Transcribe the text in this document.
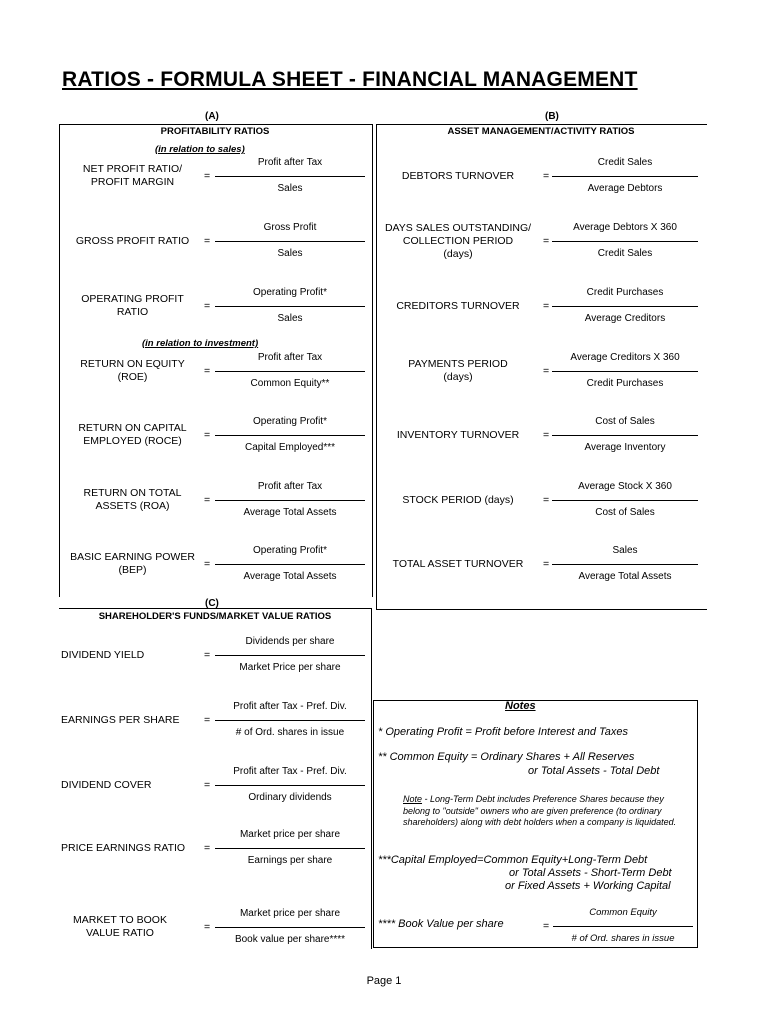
RATIOS - FORMULA SHEET - FINANCIAL MANAGEMENT
(A)	(B)
(C)
PROFITABILITY RATIOS	ASSET MANAGEMENT/ACTIVITY RATIOS
SHAREHOLDER'S FUNDS/MARKET VALUE RATIOS
(in relation to sales)
(in relation to investment)
NET PROFIT RATIO/
PROFIT MARGIN	=
Profit after Tax
Sales
GROSS PROFIT RATIO	=
Gross Profit
Sales
OPERATING PROFIT
RATIO	=
Operating Profit*
Sales
RETURN ON EQUITY
(ROE)	=
Profit after Tax
Common Equity**
RETURN ON CAPITAL
EMPLOYED (ROCE)	=
Operating Profit*
Capital Employed***
RETURN ON TOTAL
ASSETS (ROA)	=
Profit after Tax
Average Total Assets
BASIC EARNING POWER
(BEP)	=
Operating Profit*
Average Total Assets
DEBTORS TURNOVER	=
Credit Sales
Average Debtors
DAYS SALES OUTSTANDING/
COLLECTION PERIOD
(days)
=
Average Debtors X 360
Credit Sales
CREDITORS TURNOVER	=
Credit Purchases
Average Creditors
PAYMENTS PERIOD
(days)	=
Average Creditors X 360
Credit Purchases
INVENTORY TURNOVER	=
Cost of Sales
Average Inventory
STOCK PERIOD (days)	=
Average Stock X 360
Cost of Sales
TOTAL ASSET TURNOVER	=
Sales
Average Total Assets
DIVIDEND YIELD	=
Dividends per share
Market Price per share
EARNINGS PER SHARE	=
Profit after Tax - Pref. Div.
# of Ord. shares in issue
DIVIDEND COVER	=
Profit after Tax - Pref. Div.
Ordinary dividends
PRICE EARNINGS RATIO	=
Market price per share
Earnings per share
MARKET TO BOOK
VALUE RATIO	=
Market price per share
Book value per share****
Notes
* Operating Profit = Profit before Interest and Taxes
** Common Equity = Ordinary Shares + All Reserves
or Total Assets - Total Debt
Note - Long-Term Debt includes Preference Shares because they belong to "outside" owners who are given preference (to ordinary shareholders) along with debt holders when a company is liquidated.
***Capital Employed=Common Equity+Long-Term Debt
or Total Assets - Short-Term Debt
or Fixed Assets + Working Capital
**** Book Value per share	=
Common Equity
# of Ord. shares in issue
Page 1
